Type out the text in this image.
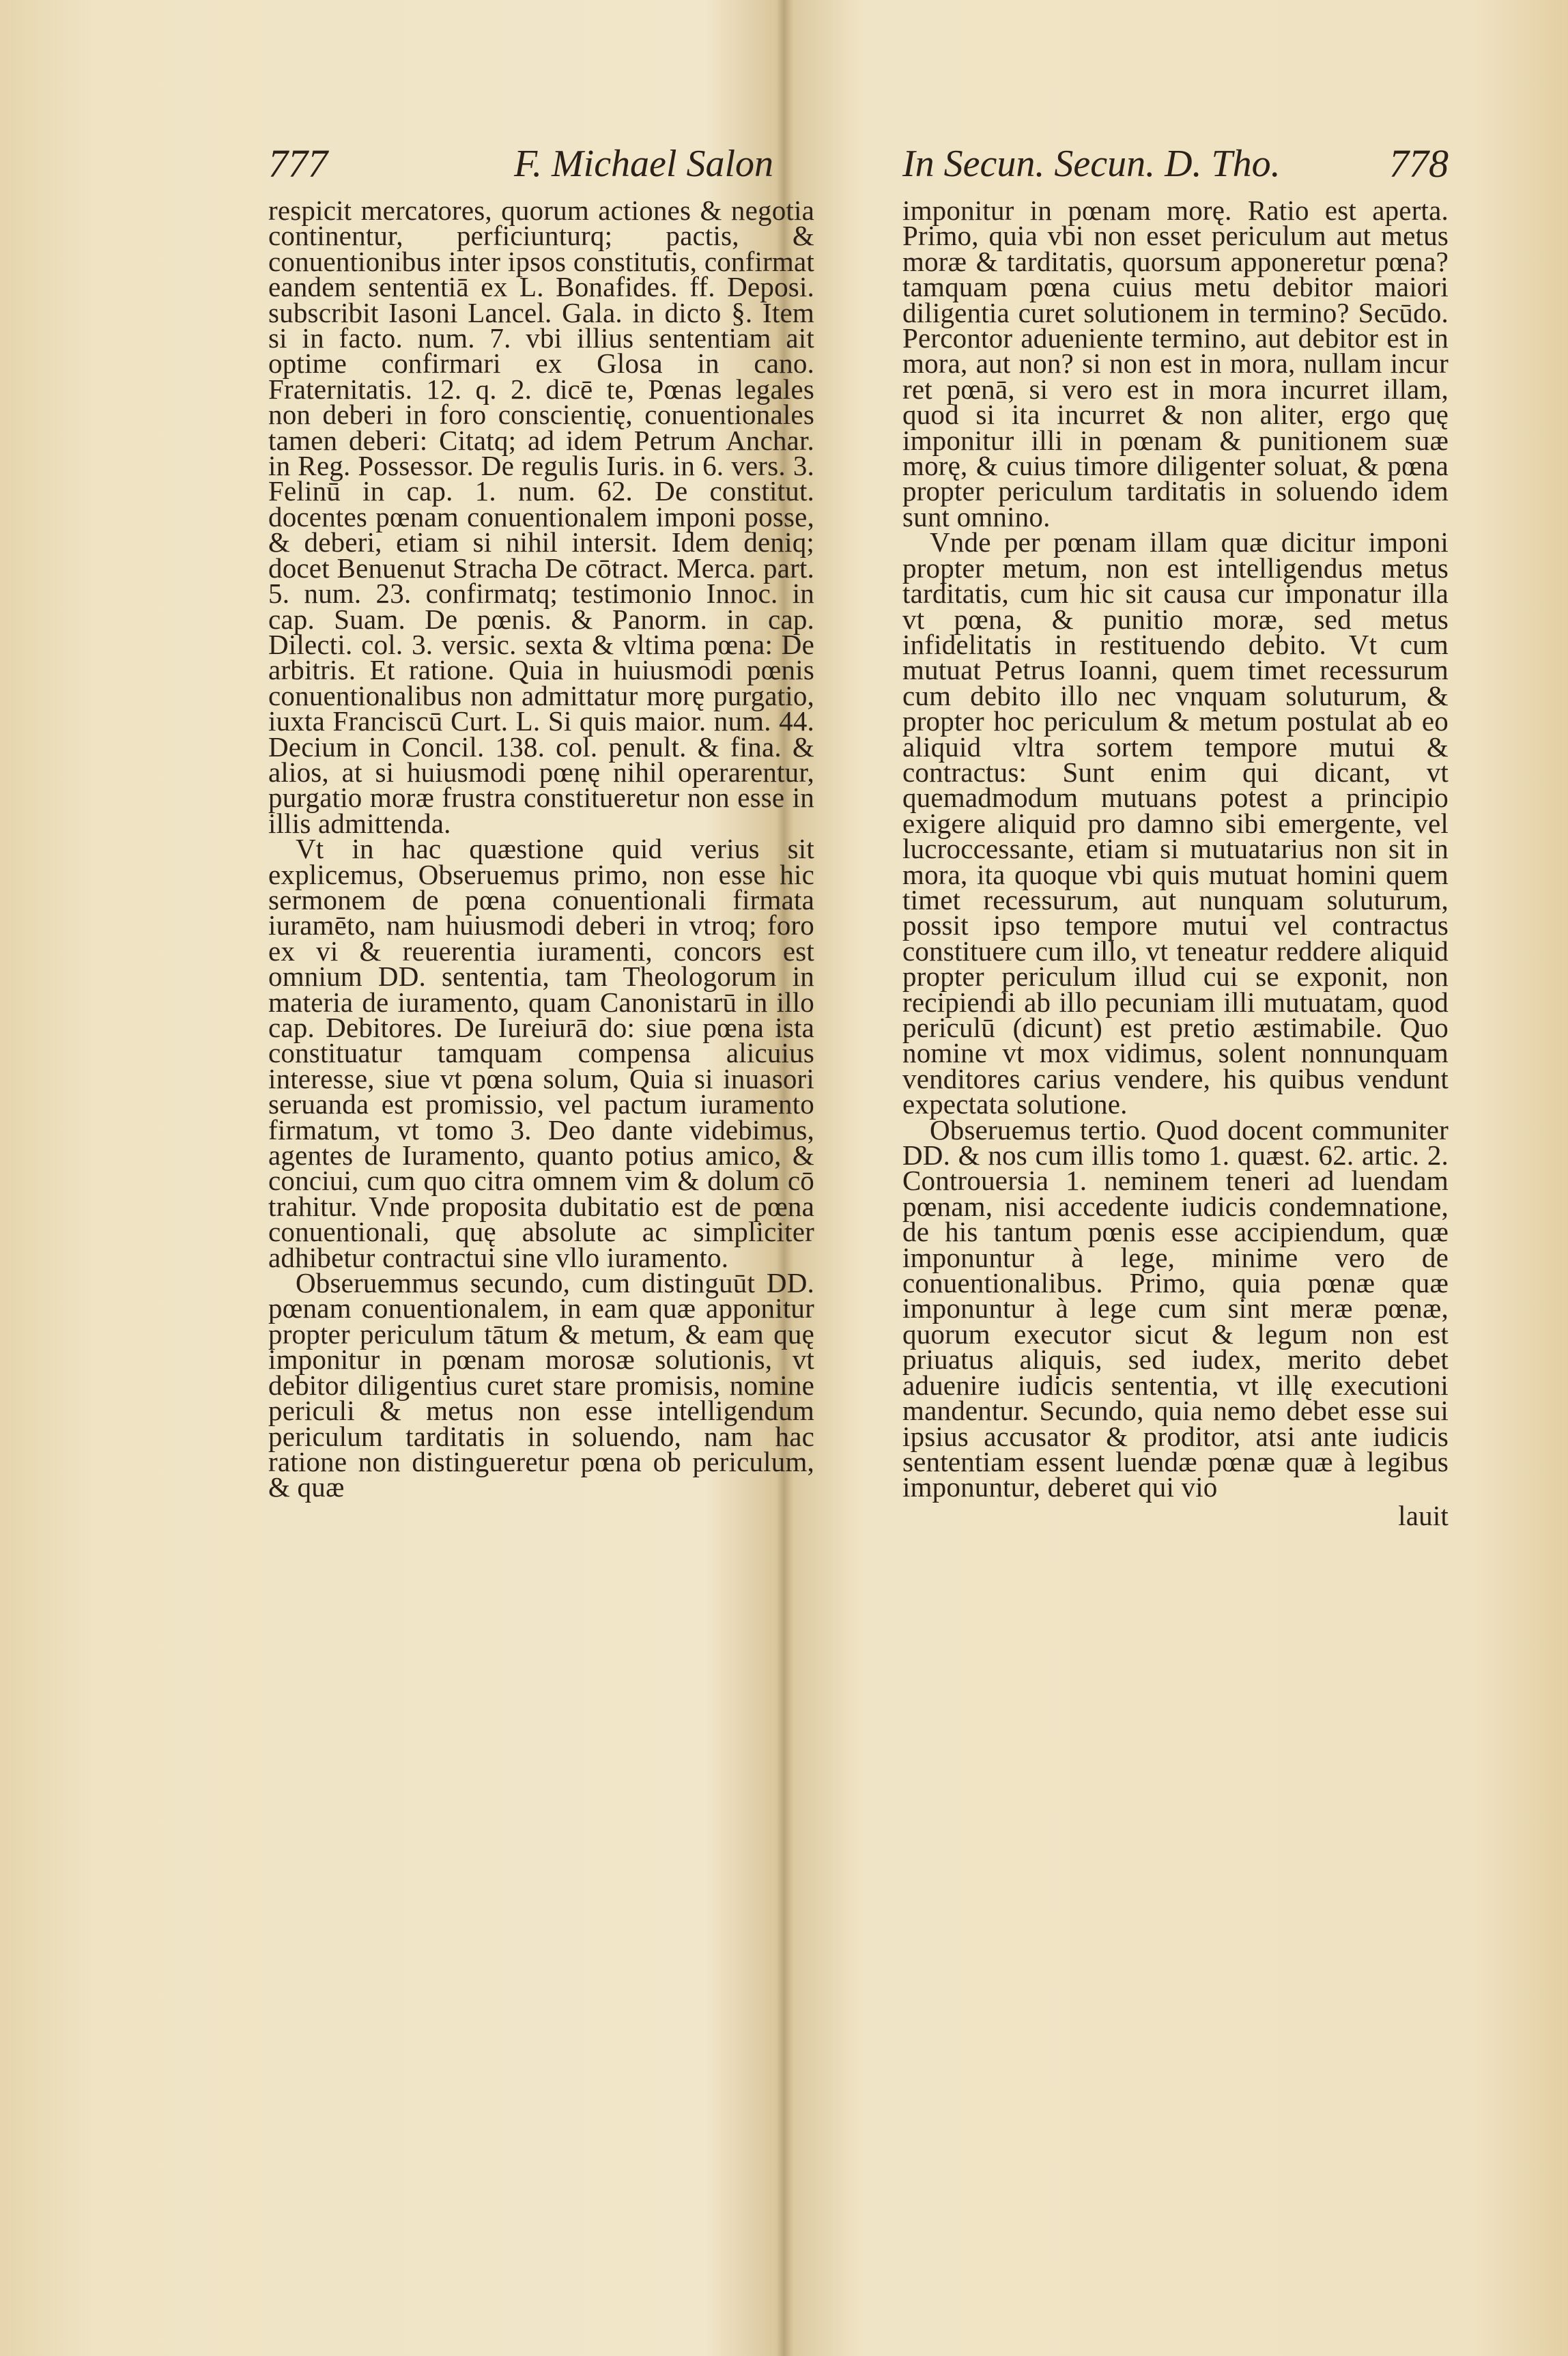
777	F. Michael Salon

respicit mercatores, quorum actiones & negotia continentur, perficiunturq; pactis, & conuentionibus inter ipsos constitutis, confirmat eandem sententiā ex L. Bonafides. ff. Deposi. subscribit Iasoni Lancel. Gala. in dicto §. Item si in facto. num. 7. vbi illius sententiam ait optime confirmari ex Glosa in cano. Fraternitatis. 12. q. 2. dicē te, Pœnas legales non deberi in foro conscientię, conuentionales tamen deberi: Citatq; ad idem Petrum Anchar. in Reg. Possessor. De regulis Iuris. in 6. vers. 3. Felinū in cap. 1. num. 62. De constitut. docentes pœnam conuentionalem imponi posse, & deberi, etiam si nihil intersit. Idem deniq; docet Benuenut Stracha De cōtract. Merca. part. 5. num. 23. confirmatq; testimonio Innoc. in cap. Suam. De pœnis. & Panorm. in cap. Dilecti. col. 3. versic. sexta & vltima pœna: De arbitris. Et ratione. Quia in huiusmodi pœnis conuentionalibus non admittatur morę purgatio, iuxta Franciscū Curt. L. Si quis maior. num. 44. Decium in Concil. 138. col. penult. & fina. & alios, at si huiusmodi pœnę nihil operarentur, purgatio moræ frustra constitueretur non esse in illis admittenda.

Vt in hac quæstione quid verius sit explicemus, Obseruemus primo, non esse hic sermonem de pœna conuentionali firmata iuramēto, nam huiusmodi deberi in vtroq; foro ex vi & reuerentia iuramenti, concors est omnium DD. sententia, tam Theologorum in materia de iuramento, quam Canonistarū in illo cap. Debitores. De Iureiurā do: siue pœna ista constituatur tamquam compensa alicuius interesse, siue vt pœna solum, Quia si inuasori seruanda est promissio, vel pactum iuramento firmatum, vt tomo 3. Deo dante videbimus, agentes de Iuramento, quanto potius amico, & conciui, cum quo citra omnem vim & dolum cō trahitur. Vnde proposita dubitatio est de pœna conuentionali, quę absolute ac simpliciter adhibetur contractui sine vllo iuramento.

Obseruemmus secundo, cum distinguūt DD. pœnam conuentionalem, in eam quæ apponitur propter periculum tātum & metum, & eam quę imponitur in pœnam morosæ solutionis, vt debitor diligentius curet stare promisis, nomine periculi & metus non esse intelligendum periculum tarditatis in soluendo, nam hac ratione non distingueretur pœna ob periculum, & quæ

In Secun. Secun. D. Tho.	778

imponitur in pœnam morę. Ratio est aperta. Primo, quia vbi non esset periculum aut metus moræ & tarditatis, quorsum apponeretur pœna? tamquam pœna cuius metu debitor maiori diligentia curet solutionem in termino? Secūdo. Percontor adueniente termino, aut debitor est in mora, aut non? si non est in mora, nullam incur ret pœnā, si vero est in mora incurret illam, quod si ita incurret & non aliter, ergo quę imponitur illi in pœnam & punitionem suæ morę, & cuius timore diligenter soluat, & pœna propter periculum tarditatis in soluendo idem sunt omnino.

Vnde per pœnam illam quæ dicitur imponi propter metum, non est intelligendus metus tarditatis, cum hic sit causa cur imponatur illa vt pœna, & punitio moræ, sed metus infidelitatis in restituendo debito. Vt cum mutuat Petrus Ioanni, quem timet recessurum cum debito illo nec vnquam soluturum, & propter hoc periculum & metum postulat ab eo aliquid vltra sortem tempore mutui & contractus: Sunt enim qui dicant, vt quemadmodum mutuans potest a principio exigere aliquid pro damno sibi emergente, vel lucroccessante, etiam si mutuatarius non sit in mora, ita quoque vbi quis mutuat homini quem timet recessurum, aut nunquam soluturum, possit ipso tempore mutui vel contractus constituere cum illo, vt teneatur reddere aliquid propter periculum illud cui se exponit, non recipiendi ab illo pecuniam illi mutuatam, quod periculū (dicunt) est pretio æstimabile. Quo nomine vt mox vidimus, solent nonnunquam venditores carius vendere, his quibus vendunt expectata solutione.

Obseruemus tertio. Quod docent communiter DD. & nos cum illis tomo 1. quæst. 62. artic. 2. Controuersia 1. neminem teneri ad luendam pœnam, nisi accedente iudicis condemnatione, de his tantum pœnis esse accipiendum, quæ imponuntur à lege, minime vero de conuentionalibus. Primo, quia pœnæ quæ imponuntur à lege cum sint meræ pœnæ, quorum executor sicut & legum non est priuatus aliquis, sed iudex, merito debet aduenire iudicis sententia, vt illę executioni mandentur. Secundo, quia nemo debet esse sui ipsius accusator & proditor, atsi ante iudicis sententiam essent luendæ pœnæ quæ à legibus imponuntur, deberet qui vio

lauit
